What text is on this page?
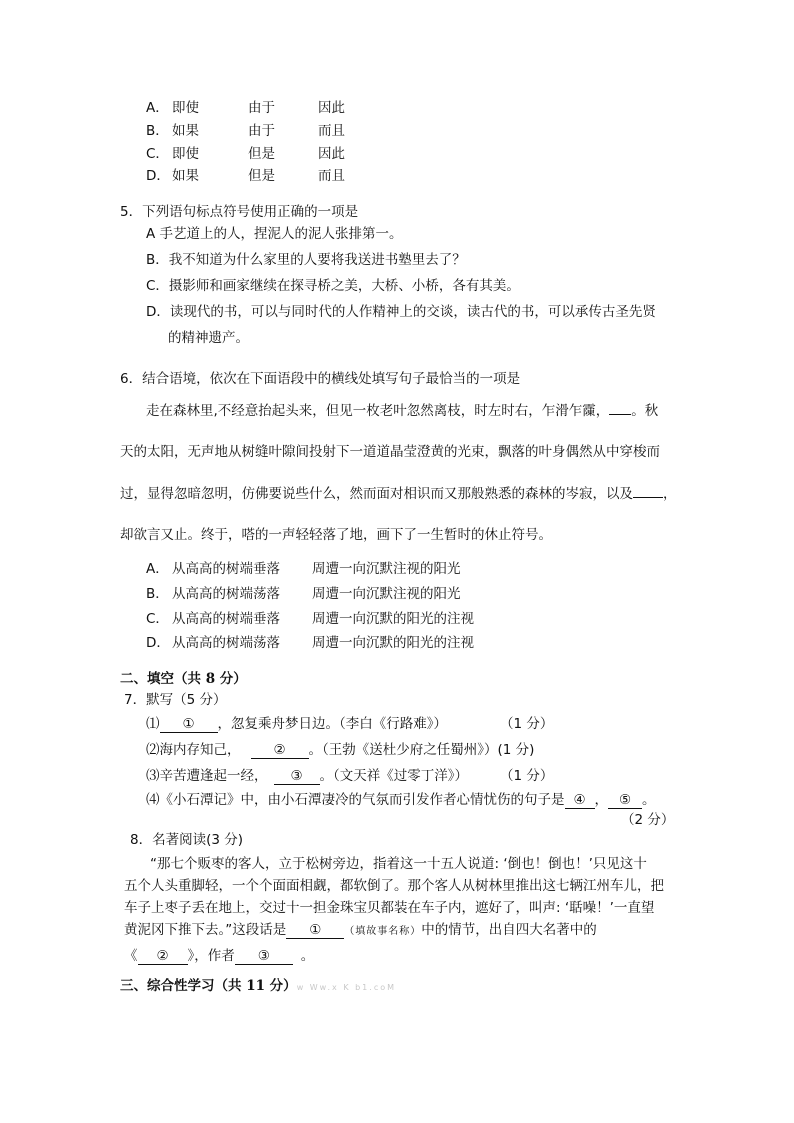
A． 即使	由于	因此
B． 如果	由于	而且
C． 即使	但是	因此
D． 如果	但是	而且
5．下列语句标点符号使用正确的一项是
A 手艺道上的人，捏泥人的泥人张排第一。
B．我不知道为什么家里的人要将我送进书塾里去了？
C．摄影师和画家继续在探寻桥之美，大桥、小桥，各有其美。
D．读现代的书，可以与同时代的人作精神上的交谈，读古代的书，可以承传古圣先贤
的精神遗产。
6．结合语境，依次在下面语段中的横线处填写句子最恰当的一项是
走在森林里,不经意抬起头来，但见一枚老叶忽然离枝，时左时右，乍滑乍䨯， 。秋
天的太阳，无声地从树缝叶隙间投射下一道道晶莹澄黄的光束，飘落的叶身偶然从中穿梭而
过，显得忽暗忽明，仿佛要说些什么，然而面对相识而又那般熟悉的森林的岑寂，以及 ，
却欲言又止。终于，嗒的一声轻轻落了地，画下了一生暂时的休止符号。
A． 从高高的树端垂落 周遭一向沉默注视的阳光
B． 从高高的树端荡落 周遭一向沉默注视的阳光
C． 从高高的树端垂落 周遭一向沉默的阳光的注视
D． 从高高的树端荡落 周遭一向沉默的阳光的注视
二、填空（共 8 分）
7．默写（5 分）
⑴ ① ，忽复乘舟梦日边。（李白《行路难》）	（1 分）
⑵海内存知己， ② 。（王勃《送杜少府之任蜀州》）(1 分)
⑶辛苦遭逢起一经， ③ 。（文天祥《过零丁洋》） （1 分）
⑷《小石潭记》中，由小石潭凄冷的气氛而引发作者心情忧伤的句子是 ④ ， ⑤ 。
（2 分）
8．名著阅读(3 分)
“那七个贩枣的客人，立于松树旁边，指着这一十五人说道: ‘倒也！倒也！’只见这十
五个人头重脚轻，一个个面面相觑，都软倒了。那个客人从树林里推出这七辆江州车儿，把
车子上枣子丢在地上，交过十一担金珠宝贝都装在车子内，遮好了，叫声: ‘聒噪！’一直望
黄泥冈下推下去。”这段话是 ① （填故事名称）中的情节，出自四大名著中的
《 ② 》，作者 ③ 。
三、综合性学习（共 11 分）w Ww.x K b1.coM
